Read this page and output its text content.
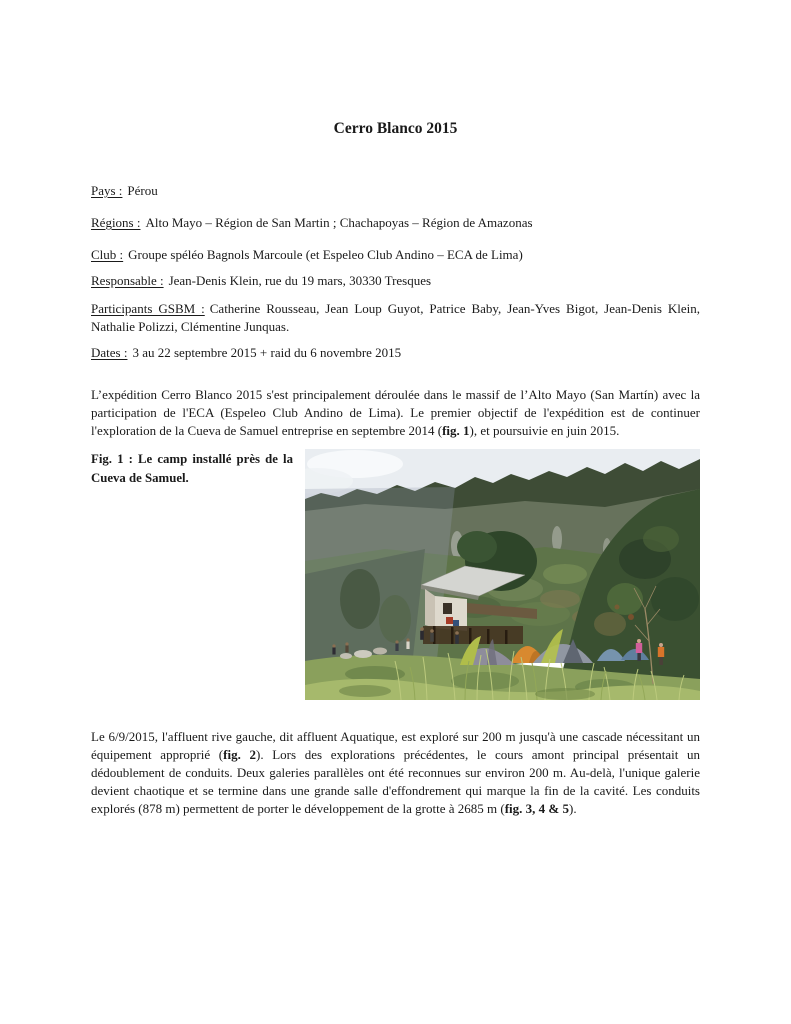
Cerro Blanco 2015
Pays : Pérou
Régions : Alto Mayo – Région de San Martin ; Chachapoyas – Région de Amazonas
Club : Groupe spéléo Bagnols Marcoule (et Espeleo Club Andino – ECA de Lima)
Responsable : Jean-Denis Klein, rue du 19 mars, 30330 Tresques
Participants GSBM : Catherine Rousseau, Jean Loup Guyot, Patrice Baby, Jean-Yves Bigot, Jean-Denis Klein, Nathalie Polizzi, Clémentine Junquas.
Dates : 3 au 22 septembre 2015 + raid du 6 novembre 2015
L’expédition Cerro Blanco 2015 s'est principalement déroulée dans le massif de l’Alto Mayo (San Martín) avec la participation de l'ECA (Espeleo Club Andino de Lima). Le premier objectif de l'expédition est de continuer l'exploration de la Cueva de Samuel entreprise en septembre 2014 (fig. 1), et poursuivie en juin 2015.
Fig. 1 : Le camp installé près de la Cueva de Samuel.
Le 6/9/2015, l'affluent rive gauche, dit affluent Aquatique, est exploré sur 200 m jusqu'à une cascade nécessitant un équipement approprié (fig. 2). Lors des explorations précédentes, le cours amont principal présentait un dédoublement de conduits. Deux galeries parallèles ont été reconnues sur environ 200 m. Au-delà, l'unique galerie devient chaotique et se termine dans une grande salle d'effondrement qui marque la fin de la cavité. Les conduits explorés (878 m) permettent de porter le développement de la grotte à 2685 m (fig. 3, 4 & 5).
